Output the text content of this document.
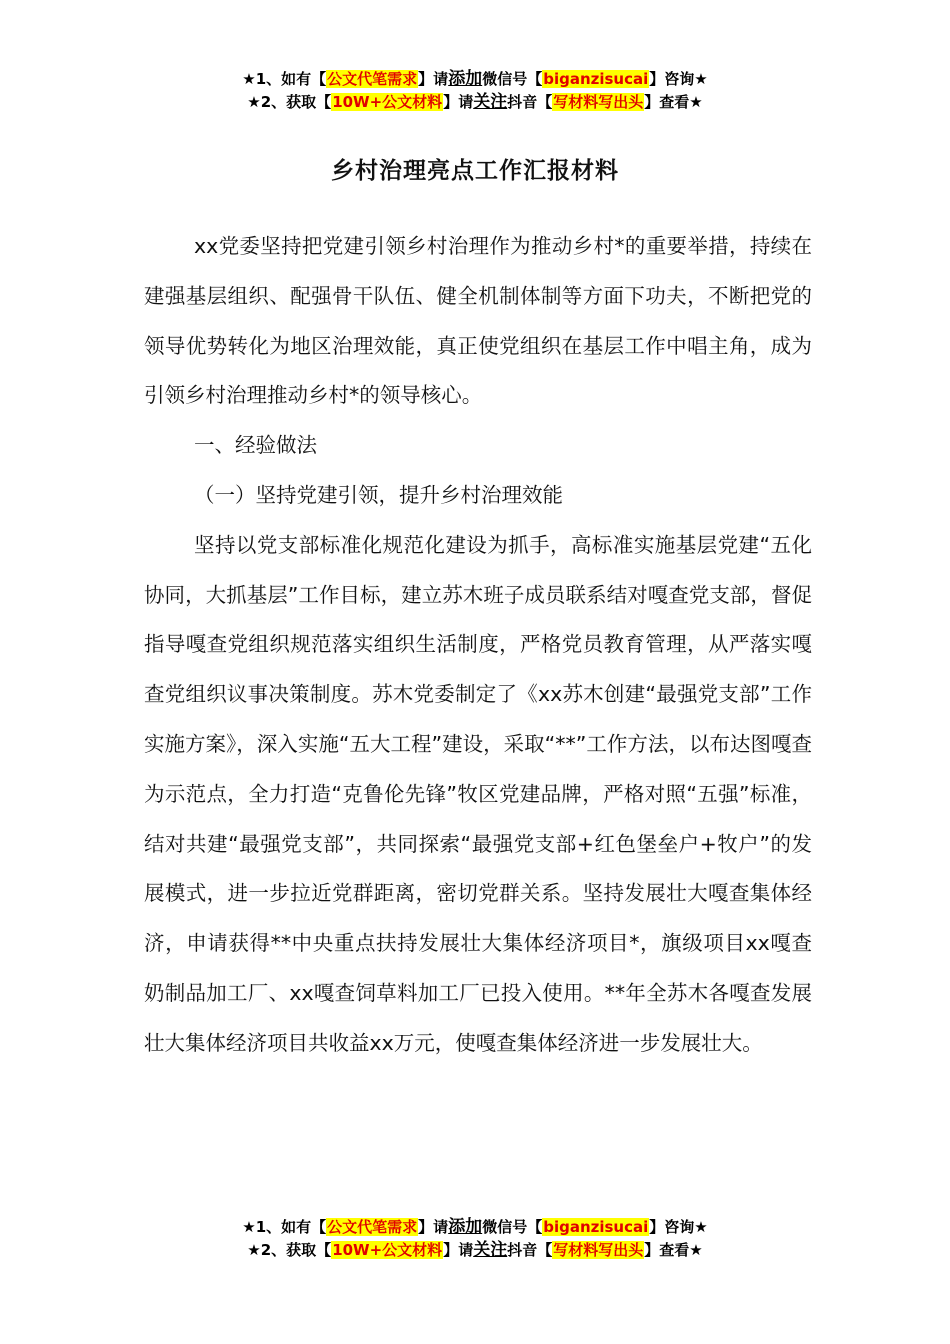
★1、如有【公文代笔需求】请添加微信号【biganzisucai】咨询★
★2、获取【10W+公文材料】请关注抖音【写材料写出头】查看★
乡村治理亮点工作汇报材料

xx党委坚持把党建引领乡村治理作为推动乡村*的重要举措，持续在建强基层组织、配强骨干队伍、健全机制体制等方面下功夫，不断把党的领导优势转化为地区治理效能，真正使党组织在基层工作中唱主角，成为引领乡村治理推动乡村*的领导核心。

一、经验做法

（一）坚持党建引领，提升乡村治理效能

坚持以党支部标准化规范化建设为抓手，高标准实施基层党建“五化协同，大抓基层”工作目标，建立苏木班子成员联系结对嘎查党支部，督促指导嘎查党组织规范落实组织生活制度，严格党员教育管理，从严落实嘎查党组织议事决策制度。苏木党委制定了《xx苏木创建“最强党支部”工作实施方案》，深入实施“五大工程”建设，采取“**”工作方法，以布达图嘎查为示范点，全力打造“克鲁伦先锋”牧区党建品牌，严格对照“五强”标准，结对共建“最强党支部”，共同探索“最强党支部+红色堡垒户+牧户”的发展模式，进一步拉近党群距离，密切党群关系。坚持发展壮大嘎查集体经济，申请获得**中央重点扶持发展壮大集体经济项目*，旗级项目xx嘎查奶制品加工厂、xx嘎查饲草料加工厂已投入使用。**年全苏木各嘎查发展壮大集体经济项目共收益xx万元，使嘎查集体经济进一步发展壮大。

★1、如有【公文代笔需求】请添加微信号【biganzisucai】咨询★
★2、获取【10W+公文材料】请关注抖音【写材料写出头】查看★
